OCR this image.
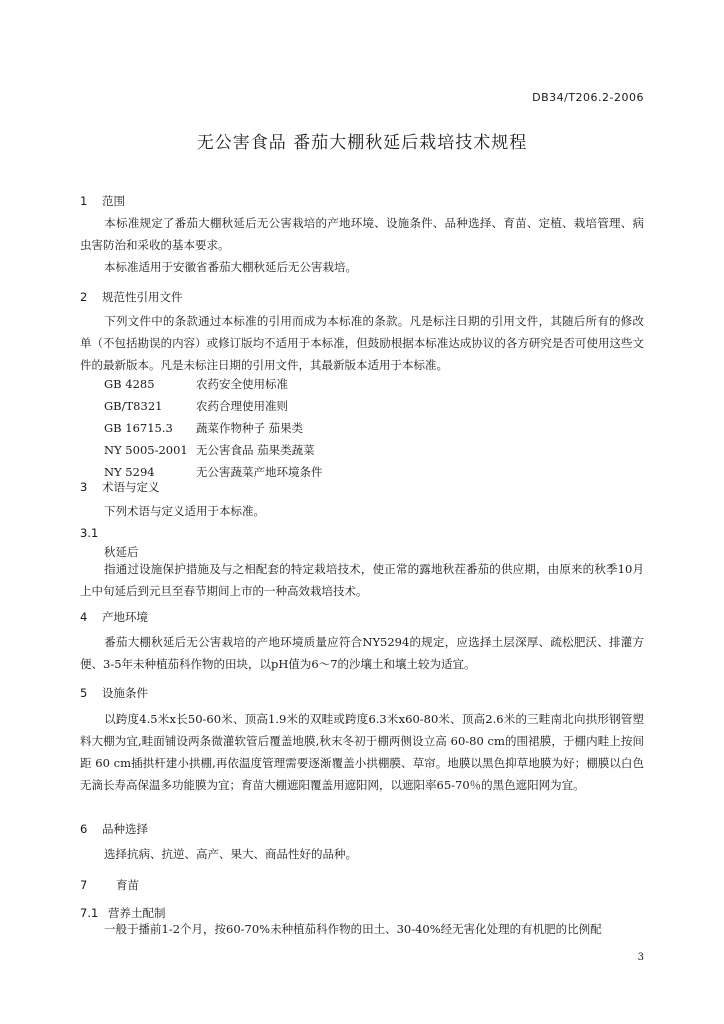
DB34/T206.2-2006
无公害食品 番茄大棚秋延后栽培技术规程
1 范围
本标准规定了番茄大棚秋延后无公害栽培的产地环境、设施条件、品种选择、育苗、定植、栽培管理、病虫害防治和采收的基本要求。
本标准适用于安徽省番茄大棚秋延后无公害栽培。
2 规范性引用文件
下列文件中的条款通过本标准的引用而成为本标准的条款。凡是标注日期的引用文件，其随后所有的修改单（不包括勘误的内容）或修订版均不适用于本标准，但鼓励根据本标准达成协议的各方研究是否可使用这些文件的最新版本。凡是未标注日期的引用文件，其最新版本适用于本标准。
GB 4285	农药安全使用标准
GB/T8321	农药合理使用准则
GB 16715.3 蔬菜作物种子 茄果类
NY 5005-2001 无公害食品 茄果类蔬菜
NY 5294	无公害蔬菜产地环境条件
3 术语与定义
下列术语与定义适用于本标准。
3.1
秋延后
指通过设施保护措施及与之相配套的特定栽培技术，使正常的露地秋茬番茄的供应期，由原来的秋季10月上中旬延后到元旦至春节期间上市的一种高效栽培技术。
4 产地环境
番茄大棚秋延后无公害栽培的产地环境质量应符合NY5294的规定，应选择土层深厚、疏松肥沃、排灌方便、3-5年未种植茄科作物的田块，以pH值为6～7的沙壤土和壤土较为适宜。
5 设施条件
以跨度4.5米x长50-60米、顶高1.9米的双畦或跨度6.3米x60-80米、顶高2.6米的三畦南北向拱形钢管塑料大棚为宜,畦面铺设两条微灌软管后覆盖地膜,秋末冬初于棚两侧设立高 60-80 cm的围裙膜，于棚内畦上按间距 60 cm插拱杆建小拱棚,再依温度管理需要逐渐覆盖小拱棚膜、草帘。地膜以黑色抑草地膜为好；棚膜以白色无滴长寿高保温多功能膜为宜；育苗大棚遮阳覆盖用遮阳网，以遮阳率65-70％的黑色遮阳网为宜。
6 品种选择
选择抗病、抗逆、高产、果大、商品性好的品种。
7 育苗
7.1 营养土配制
一般于播前1-2个月，按60-70%未种植茄科作物的田土、30-40%经无害化处理的有机肥的比例配
3
